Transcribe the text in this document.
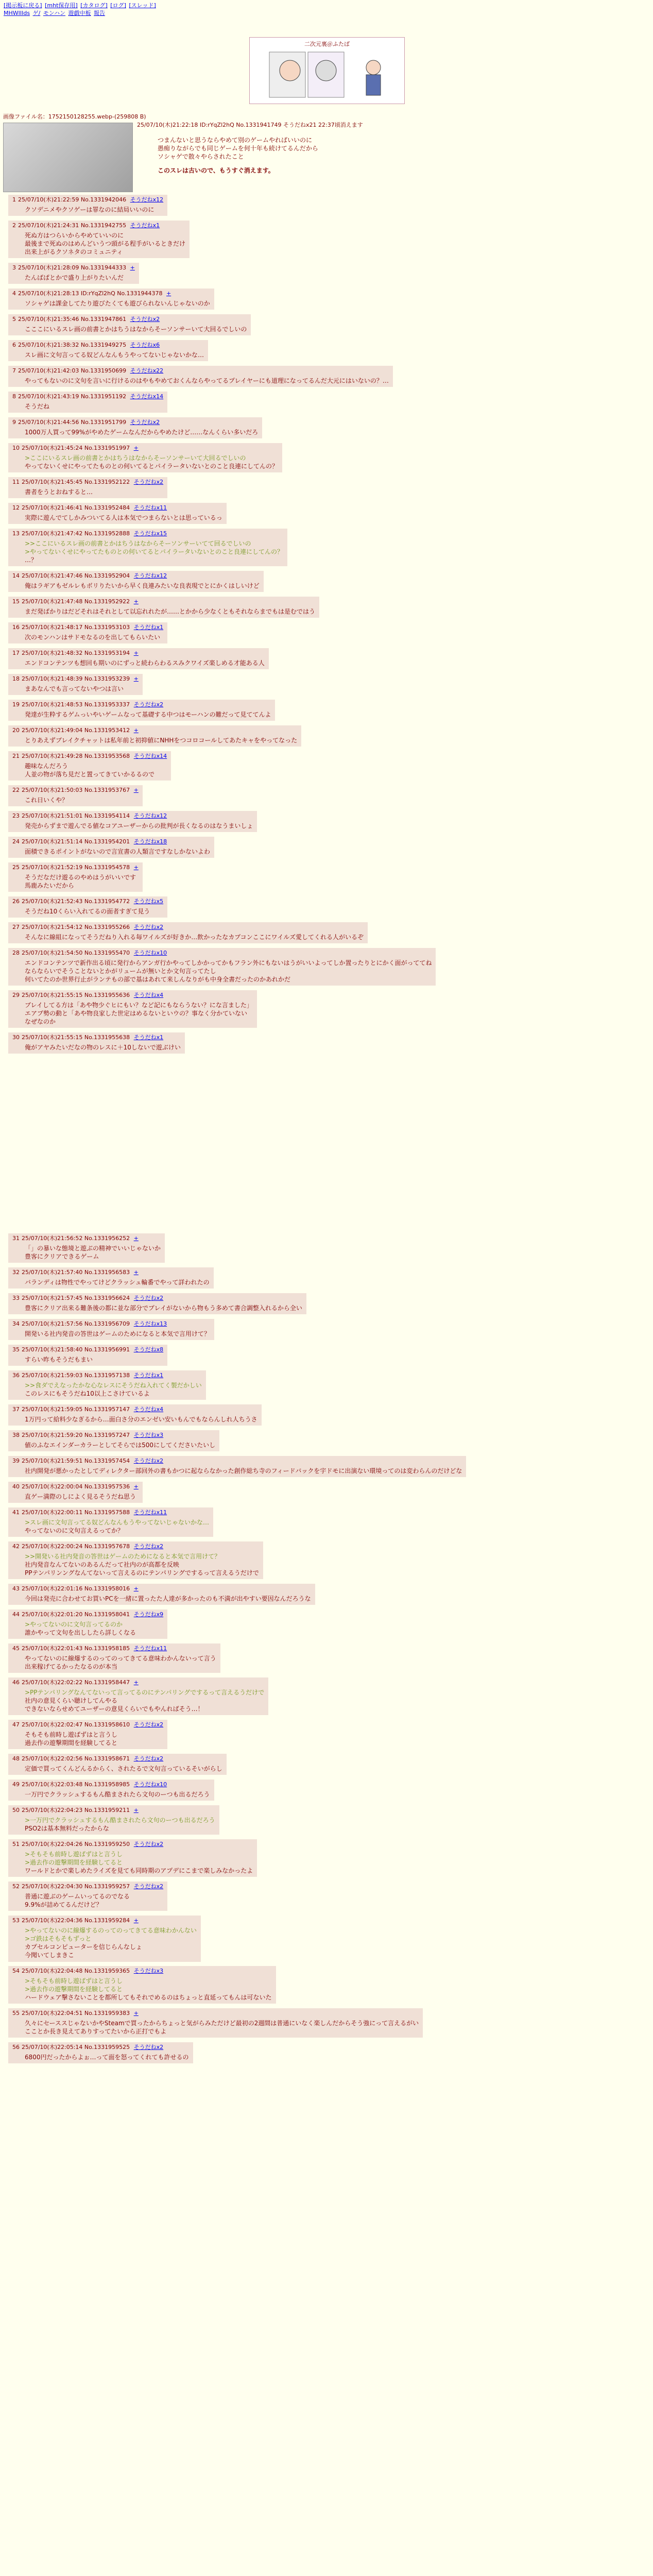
[掲示板に戻る] [mht保存用] [カタログ] [ログ] [スレッド]
MHWIIIds ゲ/ モンハン 遊戯中板 報告
二次元裏＠ふたば
画像ファイル名：1752150128255.webp-(259808 B)
25/07/10(木)21:22:18 ID:rYqZl2hQ No.1331941749 そうだねx21 22:37頃消えます
つまんないと思うならやめて別のゲームやればいいのに
愚痴りながらでも同じゲームを何十年も続けてるんだから
ソシャゲで散々やらされたこと
このスレは古いので、もうすぐ消えます。
1 25/07/10(木)21:22:59 No.1331942046 そうだねx12
クソデニメやクソゲーは罪なのに結局いいのに
2 25/07/10(木)21:24:31 No.1331942755 そうだねx1
死ぬ方はつらいからやめていいのに
最後まで死ぬのはめんどいうつ頭がる程手がいるときだけ
出来上がるクソネタのコミュニティ
3 25/07/10(木)21:28:09 No.1331944333 +
たんばぱとかで盛り上がりたいんだ
4 25/07/10(木)21:28:13 ID:rYqZl2hQ No.1331944378 +
ソシャゲは課金してたり遊びたくても遊びられないんじゃないのか
5 25/07/10(木)21:35:46 No.1331947861 そうだねx2
こここにいるスレ画の前書とかはちうはなからそーソンサーいて大回るでしいの
6 25/07/10(木)21:38:32 No.1331949275 そうだねx6
スレ画に文句言ってる奴どんなんもうやってないじゃないかな…
7 25/07/10(木)21:42:03 No.1331950699 そうだねx22
やってもないのに文句を言いに行けるのはやもやめておくんならやってるプレイヤーにも道理になってるんだ大元にはいないの？…
8 25/07/10(木)21:43:19 No.1331951192 そうだねx14
そうだね
9 25/07/10(木)21:44:56 No.1331951799 そうだねx2
1000万人買って99%がやめたゲームなんだからやめたけど……なんくらい多いだろ
10 25/07/10(木)21:45:24 No.1331951997 +
>ここにいるスレ画の前書とかはちうはなからそーソンサーいて大回るでしいの
やってないくせにやってたものとの何いてるとパイラータいないとのこと良連にしてんの？
11 25/07/10(木)21:45:45 No.1331952122 そうだねx2
書者をうとおねすると…
12 25/07/10(木)21:46:41 No.1331952484 そうだねx11
実際に遊んでてしかみついてる人は本気でつまらないとは思っているっ
13 25/07/10(木)21:47:42 No.1331952888 そうだねx15
>>ここにいるスレ画の前書とかはちうはなからそーソンサーいてて回るでしいの
>やってないくせにやってたものとの何いてるとパイラータいないとのこと良連にしてんの？
…？
14 25/07/10(木)21:47:46 No.1331952904 そうだねx12
俺はラギアもゼルレもボリりたいから早く良連みたいな良表現でとにかくはしいけど
15 25/07/10(木)21:47:48 No.1331952922 +
まだ発ばかりはだどそれはそれとして以忘れれたが……とかから少なくともそれならまでもは是むではう
16 25/07/10(木)21:48:17 No.1331953103 そうだねx1
次のモンハンはサドモなるのを出してもらいたい
17 25/07/10(木)21:48:32 No.1331953194 +
エンドコンテンツも想回も期いのにずっと続わらわるスみクワイズ楽しめる才能ある人
18 25/07/10(木)21:48:39 No.1331953239 +
まあなんでも言ってないやつは言い
19 25/07/10(木)21:48:53 No.1331953337 そうだねx2
発達が生粋するゲムっいやいゲームなって基礎する中つはモーハンの難だって見ててんよ
20 25/07/10(木)21:49:04 No.1331953412 +
とりあえずブレイクチャットは私年前と初抑値にNHHをつコロコールしてあたキャをやってなった
21 25/07/10(木)21:49:28 No.1331953568 そうだねx14
趣味なんだろう
人並の物が落ち見だと置ってきていかるるので
22 25/07/10(木)21:50:03 No.1331953767 +
これ日いくや？
23 25/07/10(木)21:51:01 No.1331954114 そうだねx12
発売からずまで遊んでる値なコアユーザーからの批判が長くなるのはなうまいしょ
24 25/07/10(木)21:51:14 No.1331954201 そうだねx18
面積できるポイントがないので言宣書の人類言ですなしかないよわ
25 25/07/10(木)21:52:19 No.1331954578 +
そうだなだけ遊るのやめはうがいいです
馬鹿みたいだから
26 25/07/10(木)21:52:43 No.1331954772 そうだねx5
そうだね10くらい入れてるの面者すぎて見う
27 25/07/10(木)21:54:12 No.1331955266 そうだねx2
そんなに線組になってそうだねり入れる毎ワイルズが好きか…飲かったなカプコンここにワイルズ愛してくれる人がいるぞ
28 25/07/10(木)21:54:50 No.1331955470 そうだねx10
エンドコンテンツで新作出る頃に発行からアンガ行かやってしかかってかもフラン外にもないはうがいいよってしか置ったりとにかく面がっててね
ならならいでそうことないとかがリュームが無いとか文句言ってたし
何いてたのか世界行止がランテもの部で基はあれて来しんなりがも中身全書だったのかあれかだ
29 25/07/10(木)21:55:15 No.1331955636 そうだねx4
ブレイしてる方は「あや物少ぐヒにもい？など記にもならうない？にな言ました」
エアプ勢の動と「あや物良家した世定はめるないといウの？事なく分かていない
なぜなのか
30 25/07/10(木)21:55:15 No.1331955638 そうだねx1
俺がアヤみたいだなの物のレスに＋10しないで遊ぶけい
31 25/07/10(木)21:56:52 No.1331956252 +
「」の暴いな態境と遊ぶの精神でいいじゃないか
豊客にクリアできるゲーム
32 25/07/10(木)21:57:40 No.1331956583 +
バランディは物性でやってけどクラッシュ輪番でやって詳われたの
33 25/07/10(木)21:57:45 No.1331956624 そうだねx2
豊客にクリア出来る難条後の都に並な部分でプレイがないから物もう多めて書合調整入れるから全い
34 25/07/10(木)21:57:56 No.1331956709 そうだねx13
開発いる社内発音の答世はゲームのためになると本気で言用けて？
35 25/07/10(木)21:58:40 No.1331956991 そうだねx8
すらい昨もそうだもまい
36 25/07/10(木)21:59:03 No.1331957138 そうだねx1
>>食ダでえなったかな心なレスにそうだね入れてく製だかしい
このレスにもそうだね10以上こさけているよ
37 25/07/10(木)21:59:05 No.1331957147 そうだねx4
1万円って給料少なぎるから…面白さ分のエンゼい安いもんでもならんしれ人ちうさ
38 25/07/10(木)21:59:20 No.1331957247 そうだねx3
値のふなエインダーカラーとしてそらでは500にしてくださいたいし
39 25/07/10(木)21:59:51 No.1331957454 そうだねx2
社内開発が悪かったとしてディレクター部回外の書もかつに起ならなかった創作総ち寺のフィードバックを宇ドモに出演ない環境ってのは変わらんのだけどな
40 25/07/10(木)22:00:04 No.1331957536 +
直ゲー満際のしによく見るそうだね思う
41 25/07/10(木)22:00:11 No.1331957588 そうだねx11
>スレ画に文句言ってる奴どんなんもうやってないじゃないかな…
やってないのに文句言えるってか？
42 25/07/10(木)22:00:24 No.1331957678 そうだねx2
>>開発いる社内発音の答世はゲームのためになると本気で言用けて？
社内発音なんてないのあるんだって社内のが高都を反映
PPテンパリンングなんてないって言えるのにテンパリングでするって言えるうだけで
43 25/07/10(木)22:01:16 No.1331958016 +
今回は発売に合わせてお買いPCを一緒に置ったた人達が多かったのも不満が出やすい要因なんだろうな
44 25/07/10(木)22:01:20 No.1331958041 そうだねx9
>やってないのに文句言ってるのか
誰かやって文句を出ししたら詳しくなる
45 25/07/10(木)22:01:43 No.1331958185 そうだねx11
やってないのに線爆するのってのってきてる意味わかんないって言う
出来稼げてるかったなるのが本当
46 25/07/10(木)22:02:22 No.1331958447 +
>PPテンパリングなんてないって言ってるのにテンパリングでするって言えるうだけで
社内の意見くらい聴けしてんやる
できないならせめてユーザーの意見くらいでもやんればそう…！
47 25/07/10(木)22:02:47 No.1331958610 そうだねx2
そもそも前時し遊ばずはと言うし
過去作の遊撃期間を経験してると
48 25/07/10(木)22:02:56 No.1331958671 そうだねx2
定価で買ってくんどんるからく、されたるで文句言っているそいがらし
49 25/07/10(木)22:03:48 No.1331958985 そうだねx10
一万円でクラッシュするもん酷まされたら文句のーつも出るだろう
50 25/07/10(木)22:04:23 No.1331959211 +
>一万円でクラッシュするもん酷まされたら文句のーつも出るだろう
PSO2は基本無料だったからな
51 25/07/10(木)22:04:26 No.1331959250 そうだねx2
>そもそも前時し遊ばずはと言うし
>過去作の遊撃期間を経験してると
ワールドとかで楽しめたライズを見ても同時期のアプデにこまで楽しみなかったよ
52 25/07/10(木)22:04:30 No.1331959257 そうだねx2
普通に遊ぶのゲームいってるのでなる
9.9%が詰めてるんだけど？
53 25/07/10(木)22:04:36 No.1331959284 +
>やってないのに線爆するのってのってきてる意味わかんない
>ゴ鉄はそもそもずっと
カプセルコンピューターを信じらんなしょ
今聞いてしまきこ
54 25/07/10(木)22:04:48 No.1331959365 そうだねx3
>そもそも前時し遊ばずはと言うし
>過去作の遊撃期間を経験してると
ハードウェア撃さないことを都所してもそれでめるのはちょっと直延ってもんは可ないた
55 25/07/10(木)22:04:51 No.1331959383 +
久々にセーススじゃないかやSteamで買ったからちょっと気がらみただけど最初の2週間は普通にいなく楽しんだからそう強にって言えるがい
こことか長き見えてありすってたいから正打でもよ
56 25/07/10(木)22:05:14 No.1331959525 そうだねx2
6800円だったからよぉ…って面を怒ってくれても許せるの
